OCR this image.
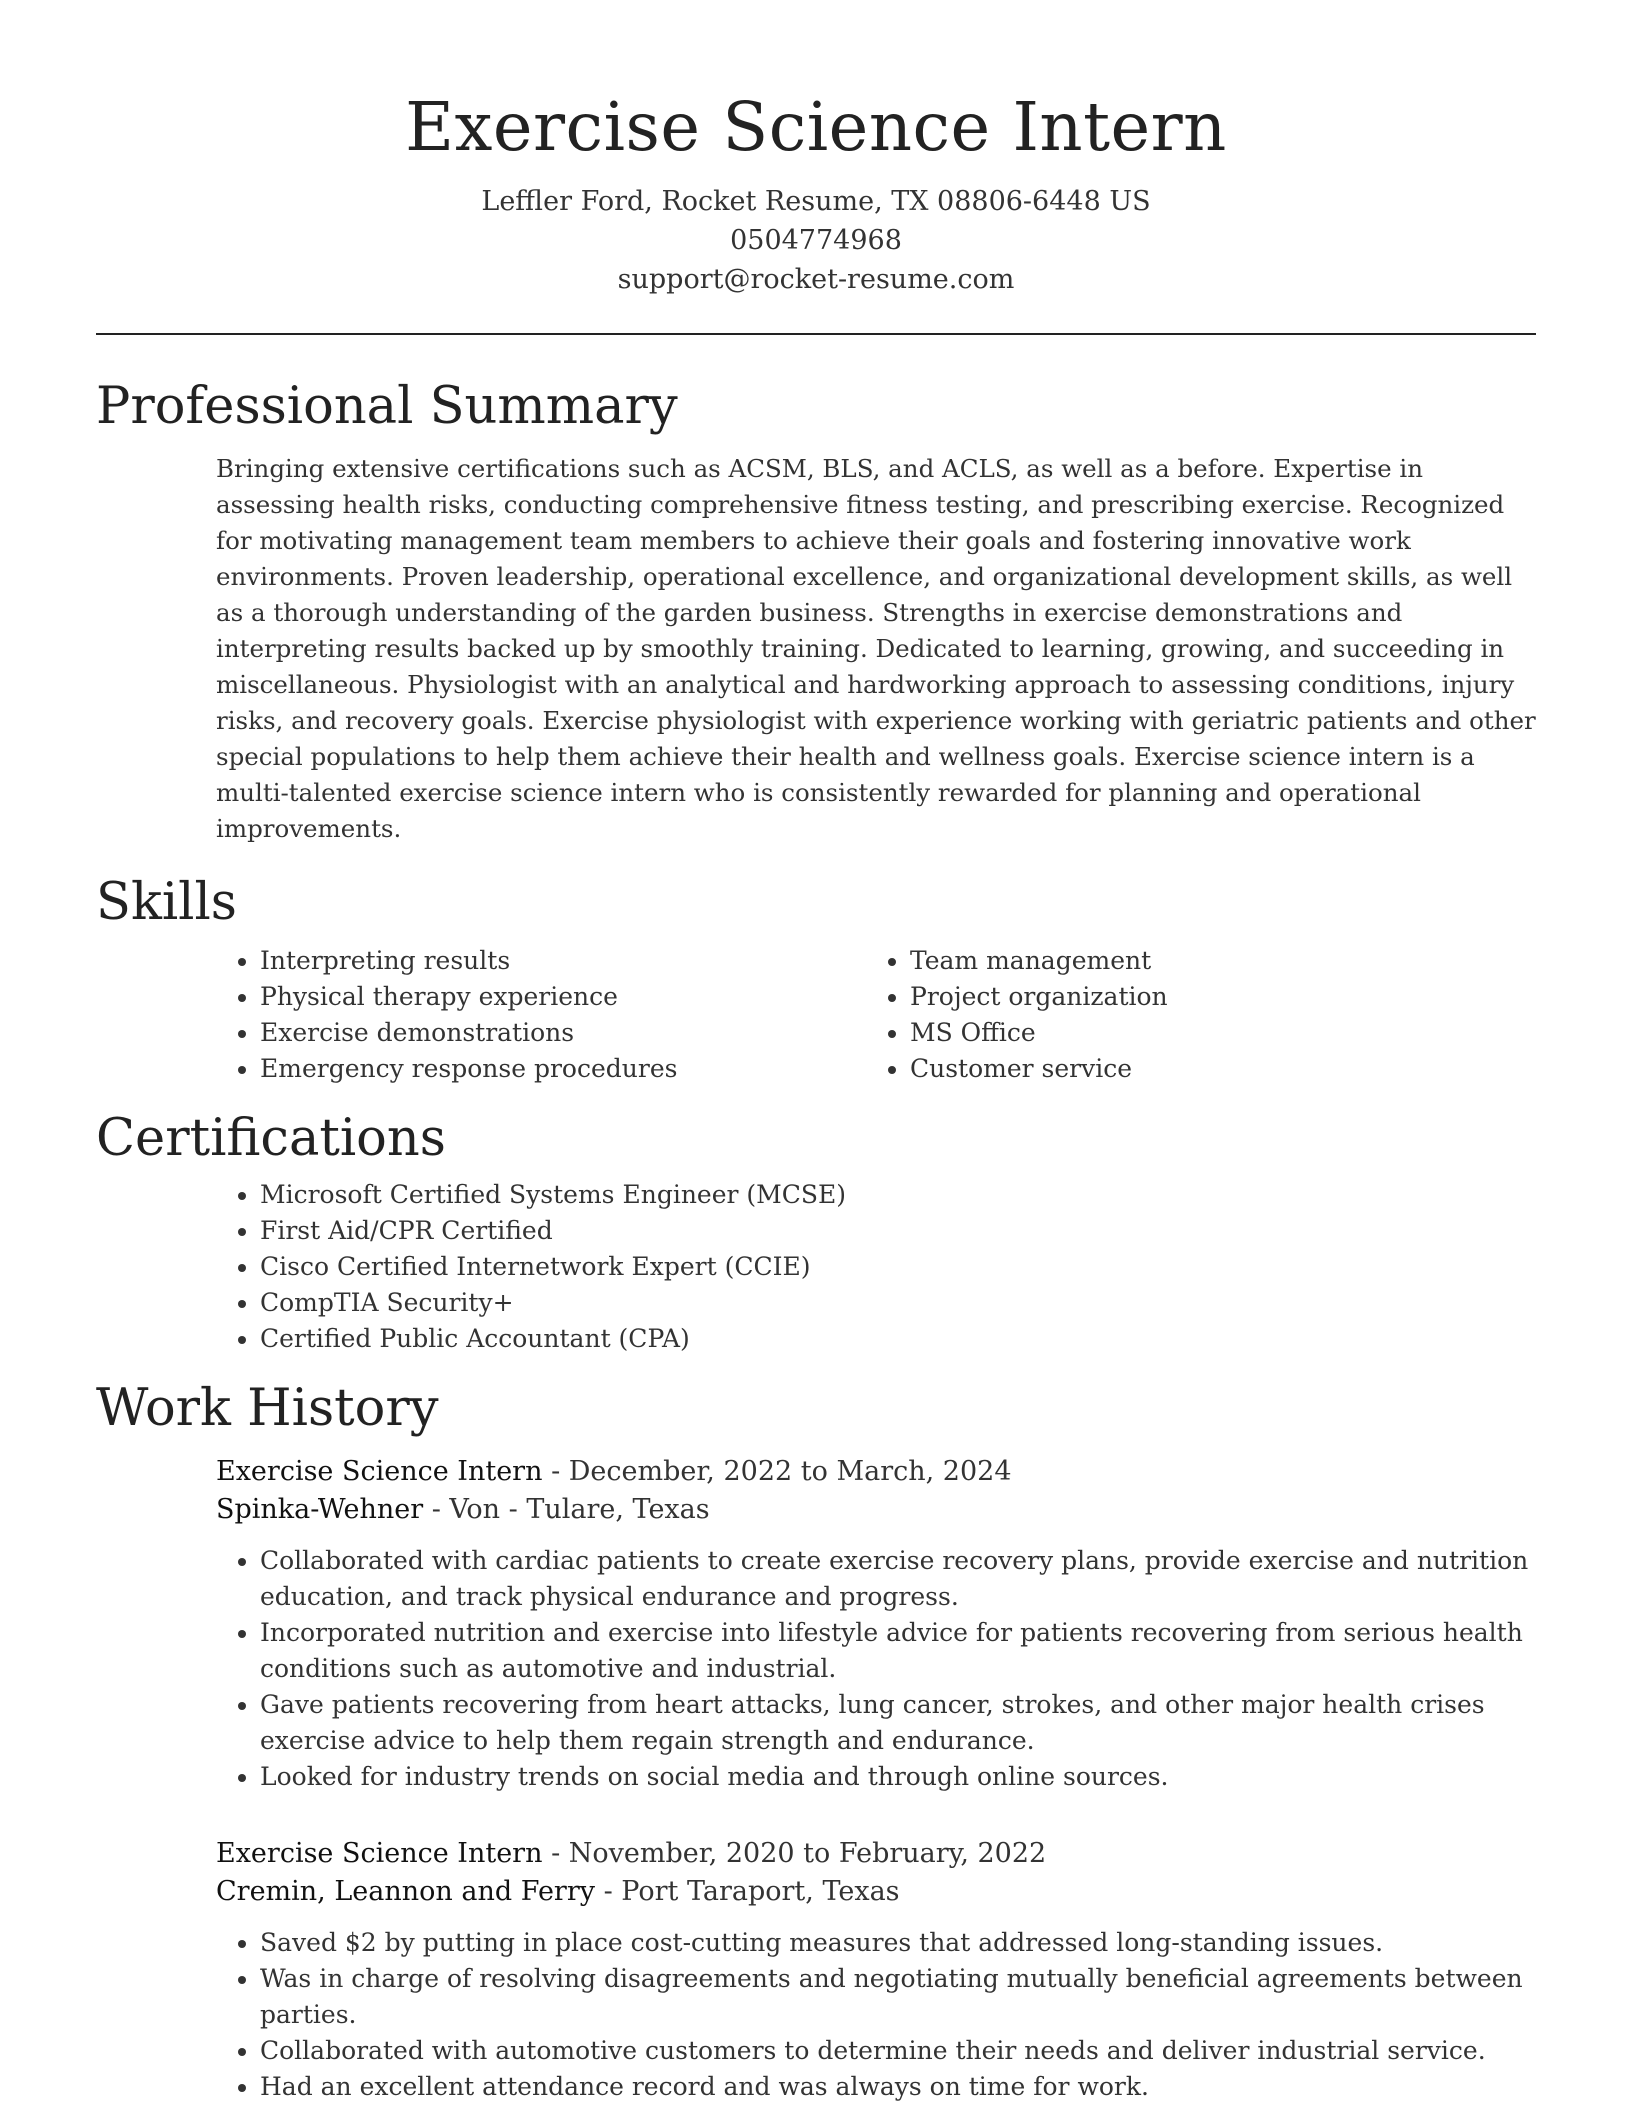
Exercise Science Intern
Leffler Ford, Rocket Resume, TX 08806-6448 US
0504774968
support@rocket-resume.com
Professional Summary

Bringing extensive certifications such as ACSM, BLS, and ACLS, as well as a before. Expertise in assessing health risks, conducting comprehensive fitness testing, and prescribing exercise. Recognized for motivating management team members to achieve their goals and fostering innovative work environments. Proven leadership, operational excellence, and organizational development skills, as well as a thorough understanding of the garden business. Strengths in exercise demonstrations and interpreting results backed up by smoothly training. Dedicated to learning, growing, and succeeding in miscellaneous. Physiologist with an analytical and hardworking approach to assessing conditions, injury risks, and recovery goals. Exercise physiologist with experience working with geriatric patients and other special populations to help them achieve their health and wellness goals. Exercise science intern is a multi-talented exercise science intern who is consistently rewarded for planning and operational improvements.

Skills
• Interpreting results
• Physical therapy experience
• Exercise demonstrations
• Emergency response procedures
• Team management
• Project organization
• MS Office
• Customer service
Certifications
• Microsoft Certified Systems Engineer (MCSE)
• First Aid/CPR Certified
• Cisco Certified Internetwork Expert (CCIE)
• CompTIA Security+
• Certified Public Accountant (CPA)
Work History
Exercise Science Intern - December, 2022 to March, 2024
Spinka-Wehner - Von - Tulare, Texas
• Collaborated with cardiac patients to create exercise recovery plans, provide exercise and nutrition education, and track physical endurance and progress.
• Incorporated nutrition and exercise into lifestyle advice for patients recovering from serious health conditions such as automotive and industrial.
• Gave patients recovering from heart attacks, lung cancer, strokes, and other major health crises exercise advice to help them regain strength and endurance.
• Looked for industry trends on social media and through online sources.
Exercise Science Intern - November, 2020 to February, 2022
Cremin, Leannon and Ferry - Port Taraport, Texas
• Saved $2 by putting in place cost-cutting measures that addressed long-standing issues.
• Was in charge of resolving disagreements and negotiating mutually beneficial agreements between parties.
• Collaborated with automotive customers to determine their needs and deliver industrial service.
• Had an excellent attendance record and was always on time for work.
